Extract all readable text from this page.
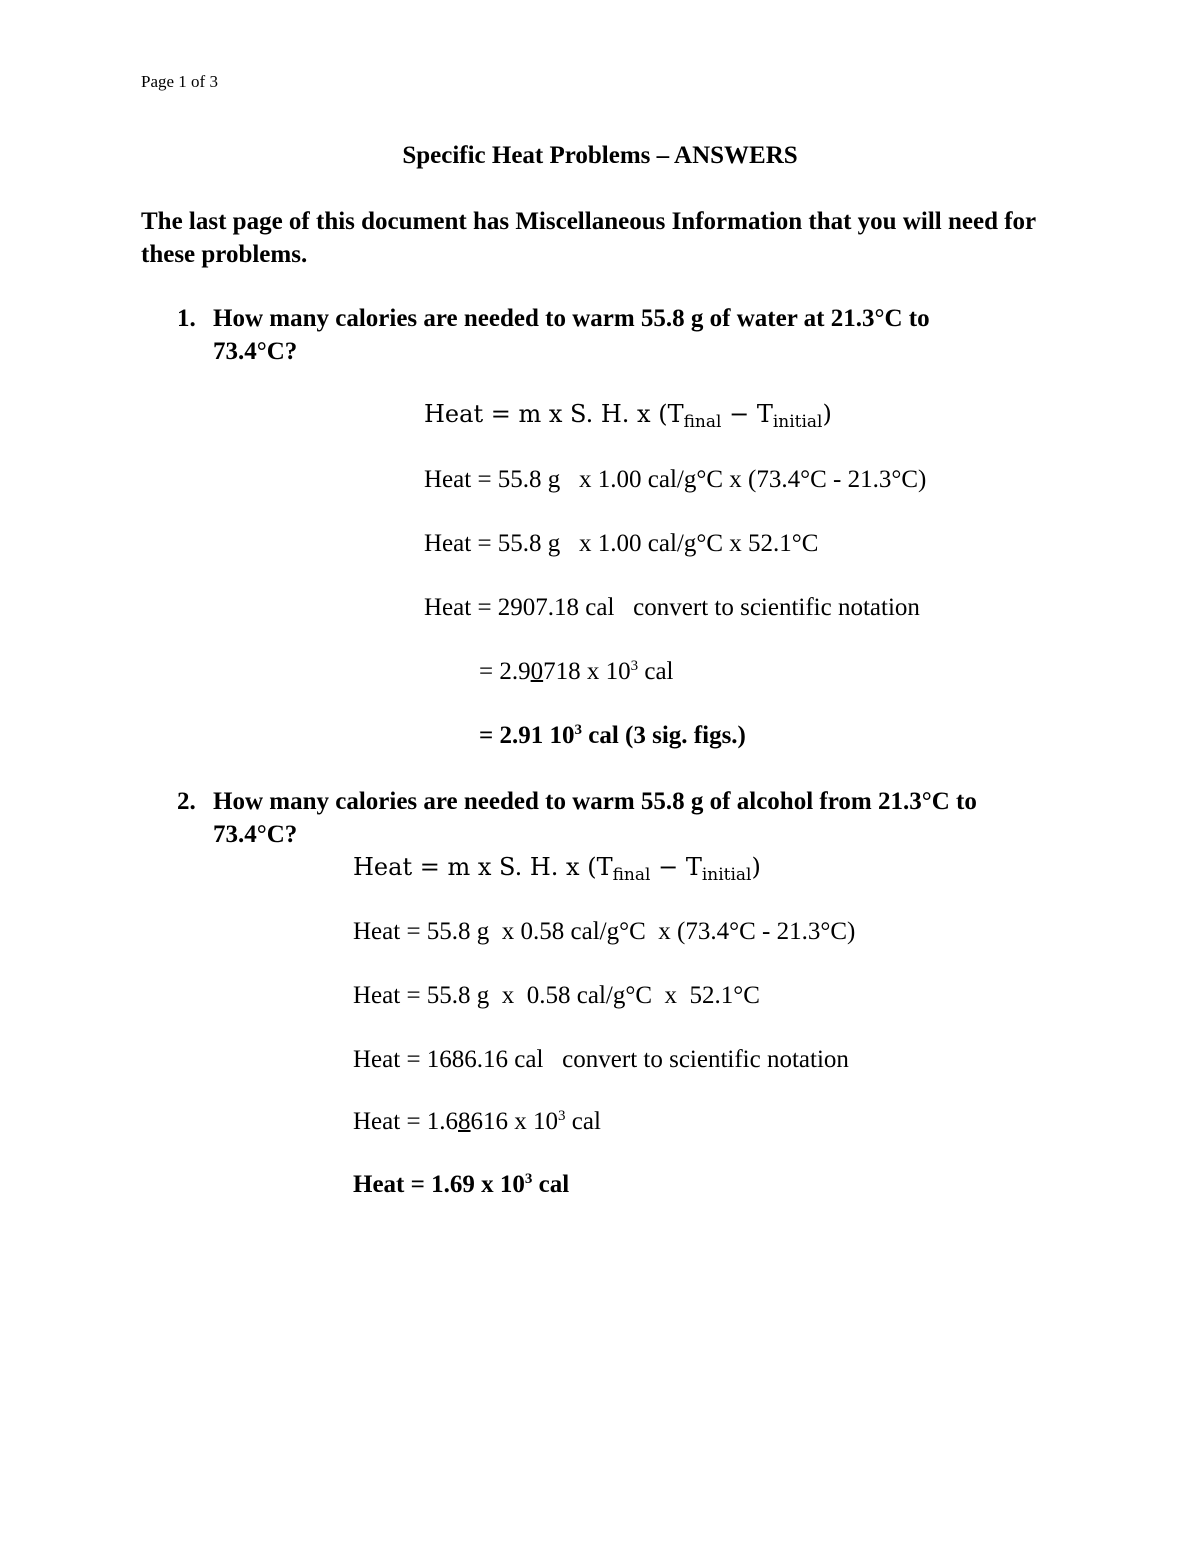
Page 1 of 3
Specific Heat Problems – ANSWERS
The last page of this document has Miscellaneous Information that you will need for these problems.
1. How many calories are needed to warm 55.8 g of water at 21.3°C to
73.4°C?
Heat = m x S. H. x $(T_{final} - T_{initial})$
Heat = 55.8 g   x 1.00 cal/g°C x (73.4°C - 21.3°C)
Heat = 55.8 g   x 1.00 cal/g°C x 52.1°C
Heat = 2907.18 cal   convert to scientific notation
= 2.90718 x $10^3$ cal
= 2.91 $10^3$ cal (3 sig. figs.)
2. How many calories are needed to warm 55.8 g of alcohol from 21.3°C to
73.4°C?
Heat = m x S. H. x $(T_{final} - T_{initial})$
Heat = 55.8 g  x 0.58 cal/g°C  x (73.4°C - 21.3°C)
Heat = 55.8 g  x  0.58 cal/g°C  x  52.1°C
Heat = 1686.16 cal   convert to scientific notation
Heat = 1.68616 x $10^3$ cal
Heat = 1.69 x $10^3$ cal
